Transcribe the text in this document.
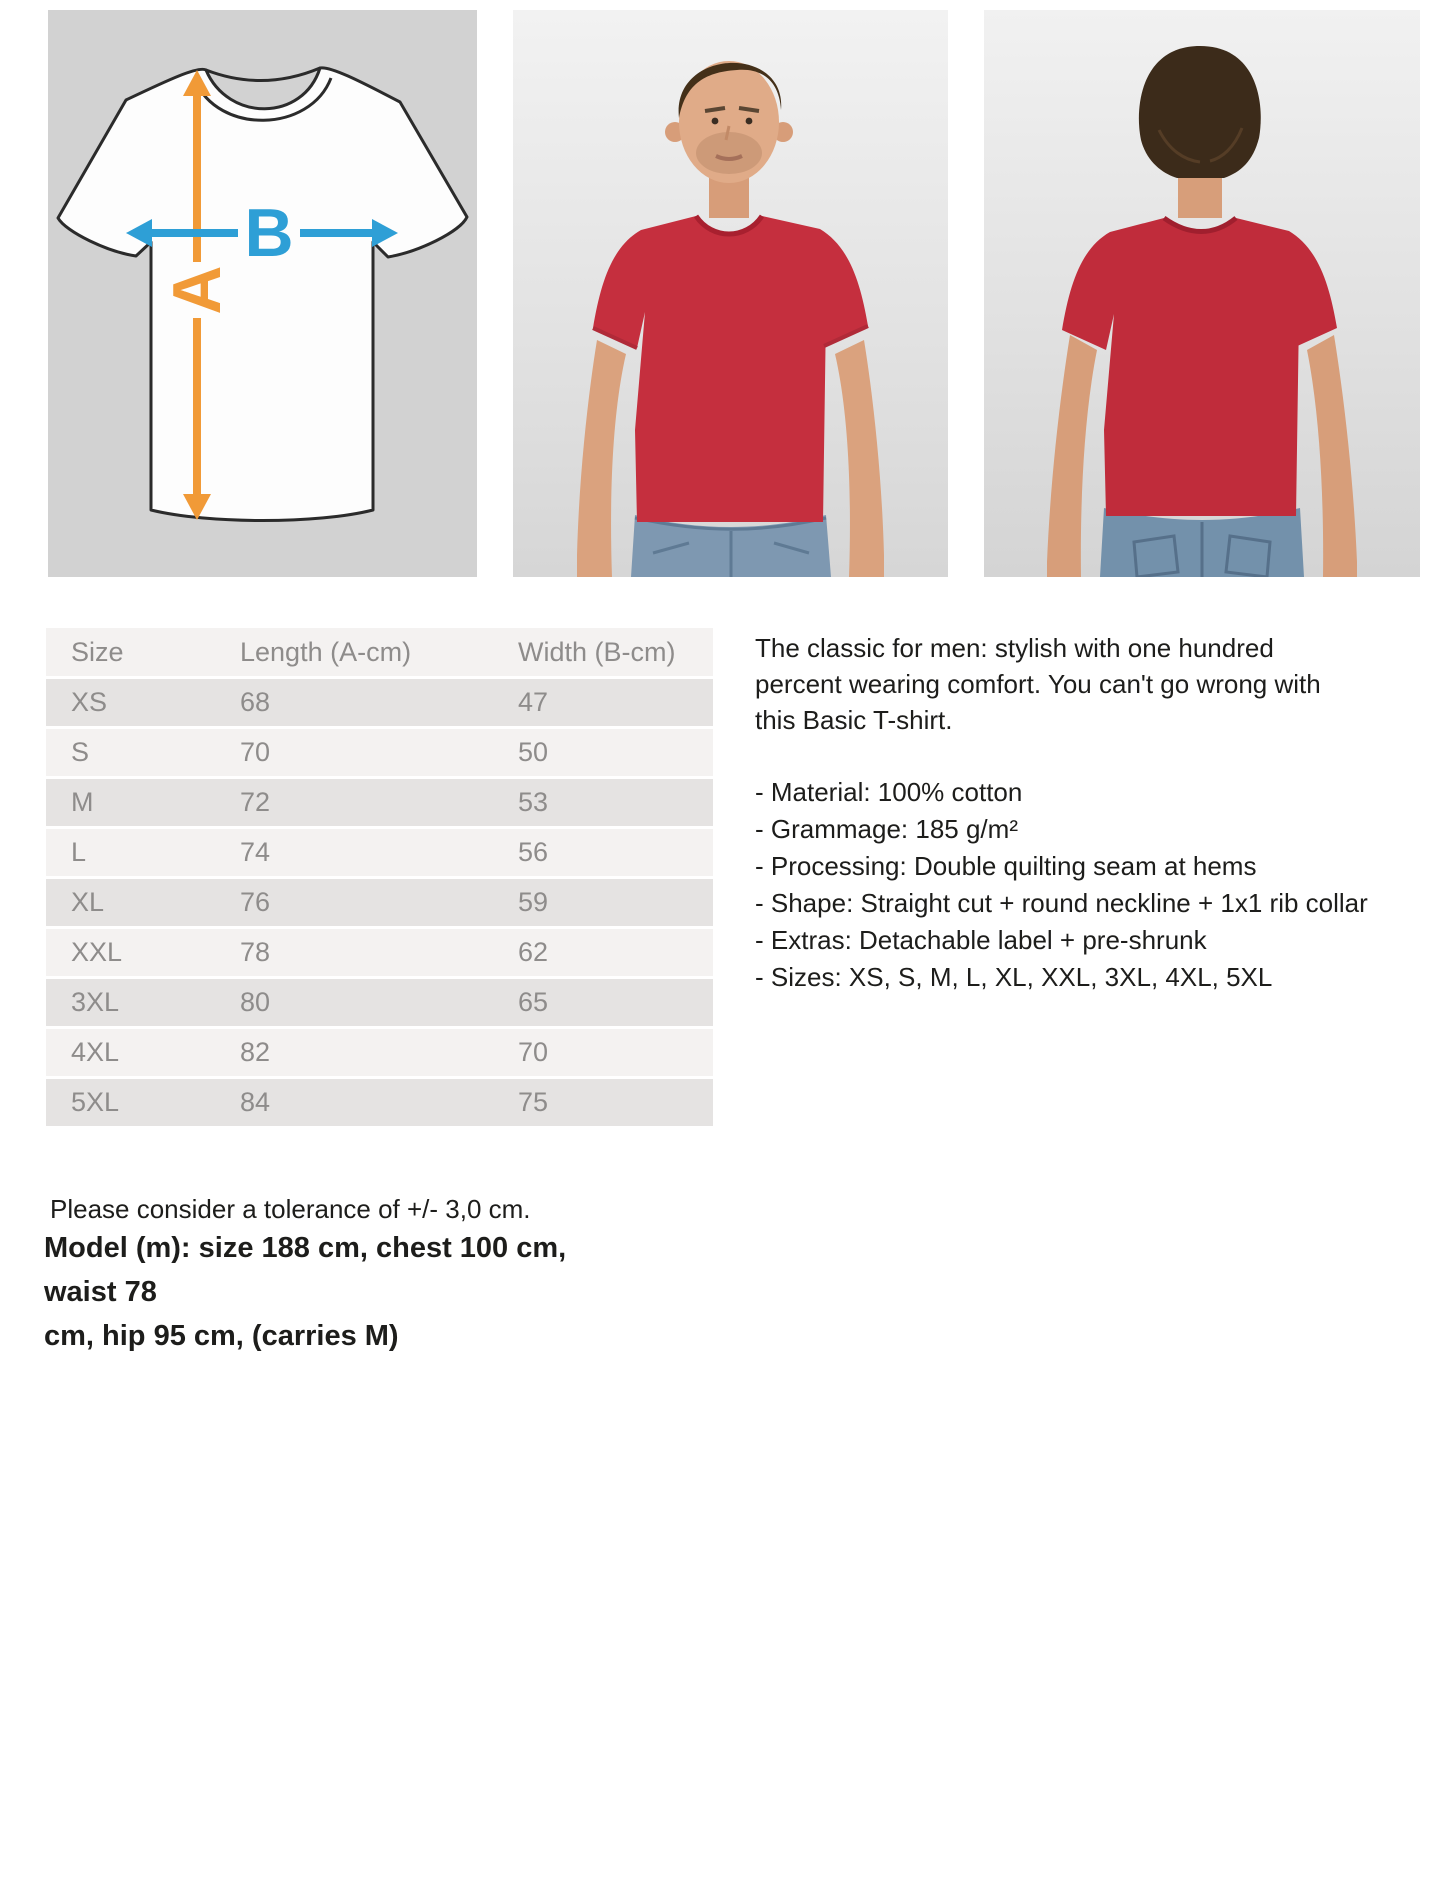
A
B
Size	Length (A-cm)	Width (B-cm)
XS	68	47
S	70	50
M	72	53
L	74	56
XL	76	59
XXL	78	62
3XL	80	65
4XL	82	70
5XL	84	75
The classic for men: stylish with one hundred
percent wearing comfort. You can't go wrong with
this Basic T-shirt.
- Material: 100% cotton
- Grammage: 185 g/m²
- Processing: Double quilting seam at hems
- Shape: Straight cut + round neckline + 1x1 rib collar
- Extras: Detachable label + pre-shrunk
- Sizes: XS, S, M, L, XL, XXL, 3XL, 4XL, 5XL
Please consider a tolerance of +/- 3,0 cm.
Model (m): size 188 cm, chest 100 cm, waist 78
cm, hip 95 cm, (carries M)
